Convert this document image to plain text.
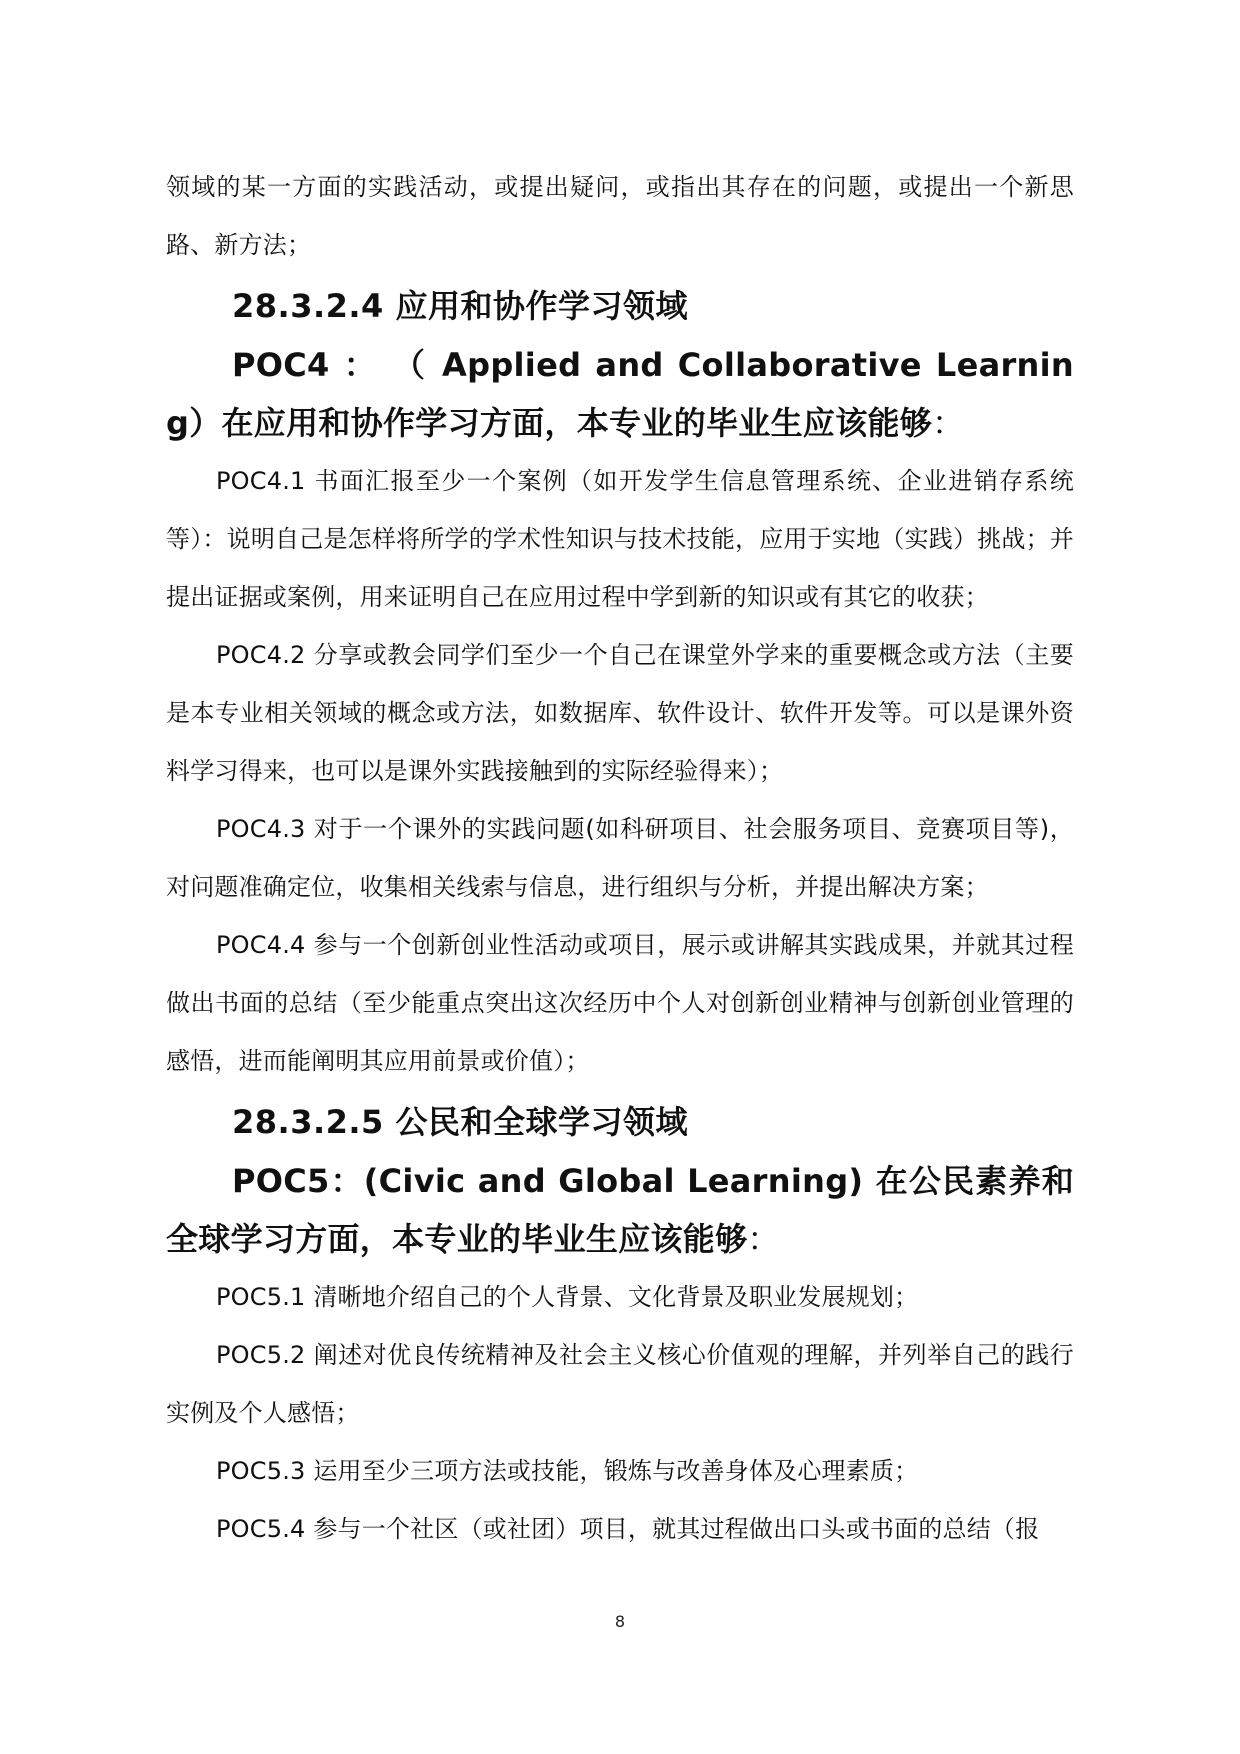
领域的某一方面的实践活动，或提出疑问，或指出其存在的问题，或提出一个新思路、新方法；

28.3.2.4 应用和协作学习领域

POC4 ： （ Applied and Collaborative Learning）在应用和协作学习方面，本专业的毕业生应该能够：

POC4.1 书面汇报至少一个案例（如开发学生信息管理系统、企业进销存系统等）：说明自己是怎样将所学的学术性知识与技术技能，应用于实地（实践）挑战；并提出证据或案例，用来证明自己在应用过程中学到新的知识或有其它的收获；

POC4.2 分享或教会同学们至少一个自己在课堂外学来的重要概念或方法（主要是本专业相关领域的概念或方法，如数据库、软件设计、软件开发等。可以是课外资料学习得来，也可以是课外实践接触到的实际经验得来）；

POC4.3 对于一个课外的实践问题(如科研项目、社会服务项目、竞赛项目等)，对问题准确定位，收集相关线索与信息，进行组织与分析，并提出解决方案；

POC4.4 参与一个创新创业性活动或项目，展示或讲解其实践成果，并就其过程做出书面的总结（至少能重点突出这次经历中个人对创新创业精神与创新创业管理的感悟，进而能阐明其应用前景或价值）；

28.3.2.5 公民和全球学习领域

POC5：(Civic and Global Learning) 在公民素养和全球学习方面，本专业的毕业生应该能够：

POC5.1 清晰地介绍自己的个人背景、文化背景及职业发展规划；

POC5.2 阐述对优良传统精神及社会主义核心价值观的理解，并列举自己的践行实例及个人感悟；

POC5.3 运用至少三项方法或技能，锻炼与改善身体及心理素质；

POC5.4 参与一个社区（或社团）项目，就其过程做出口头或书面的总结（报

8
